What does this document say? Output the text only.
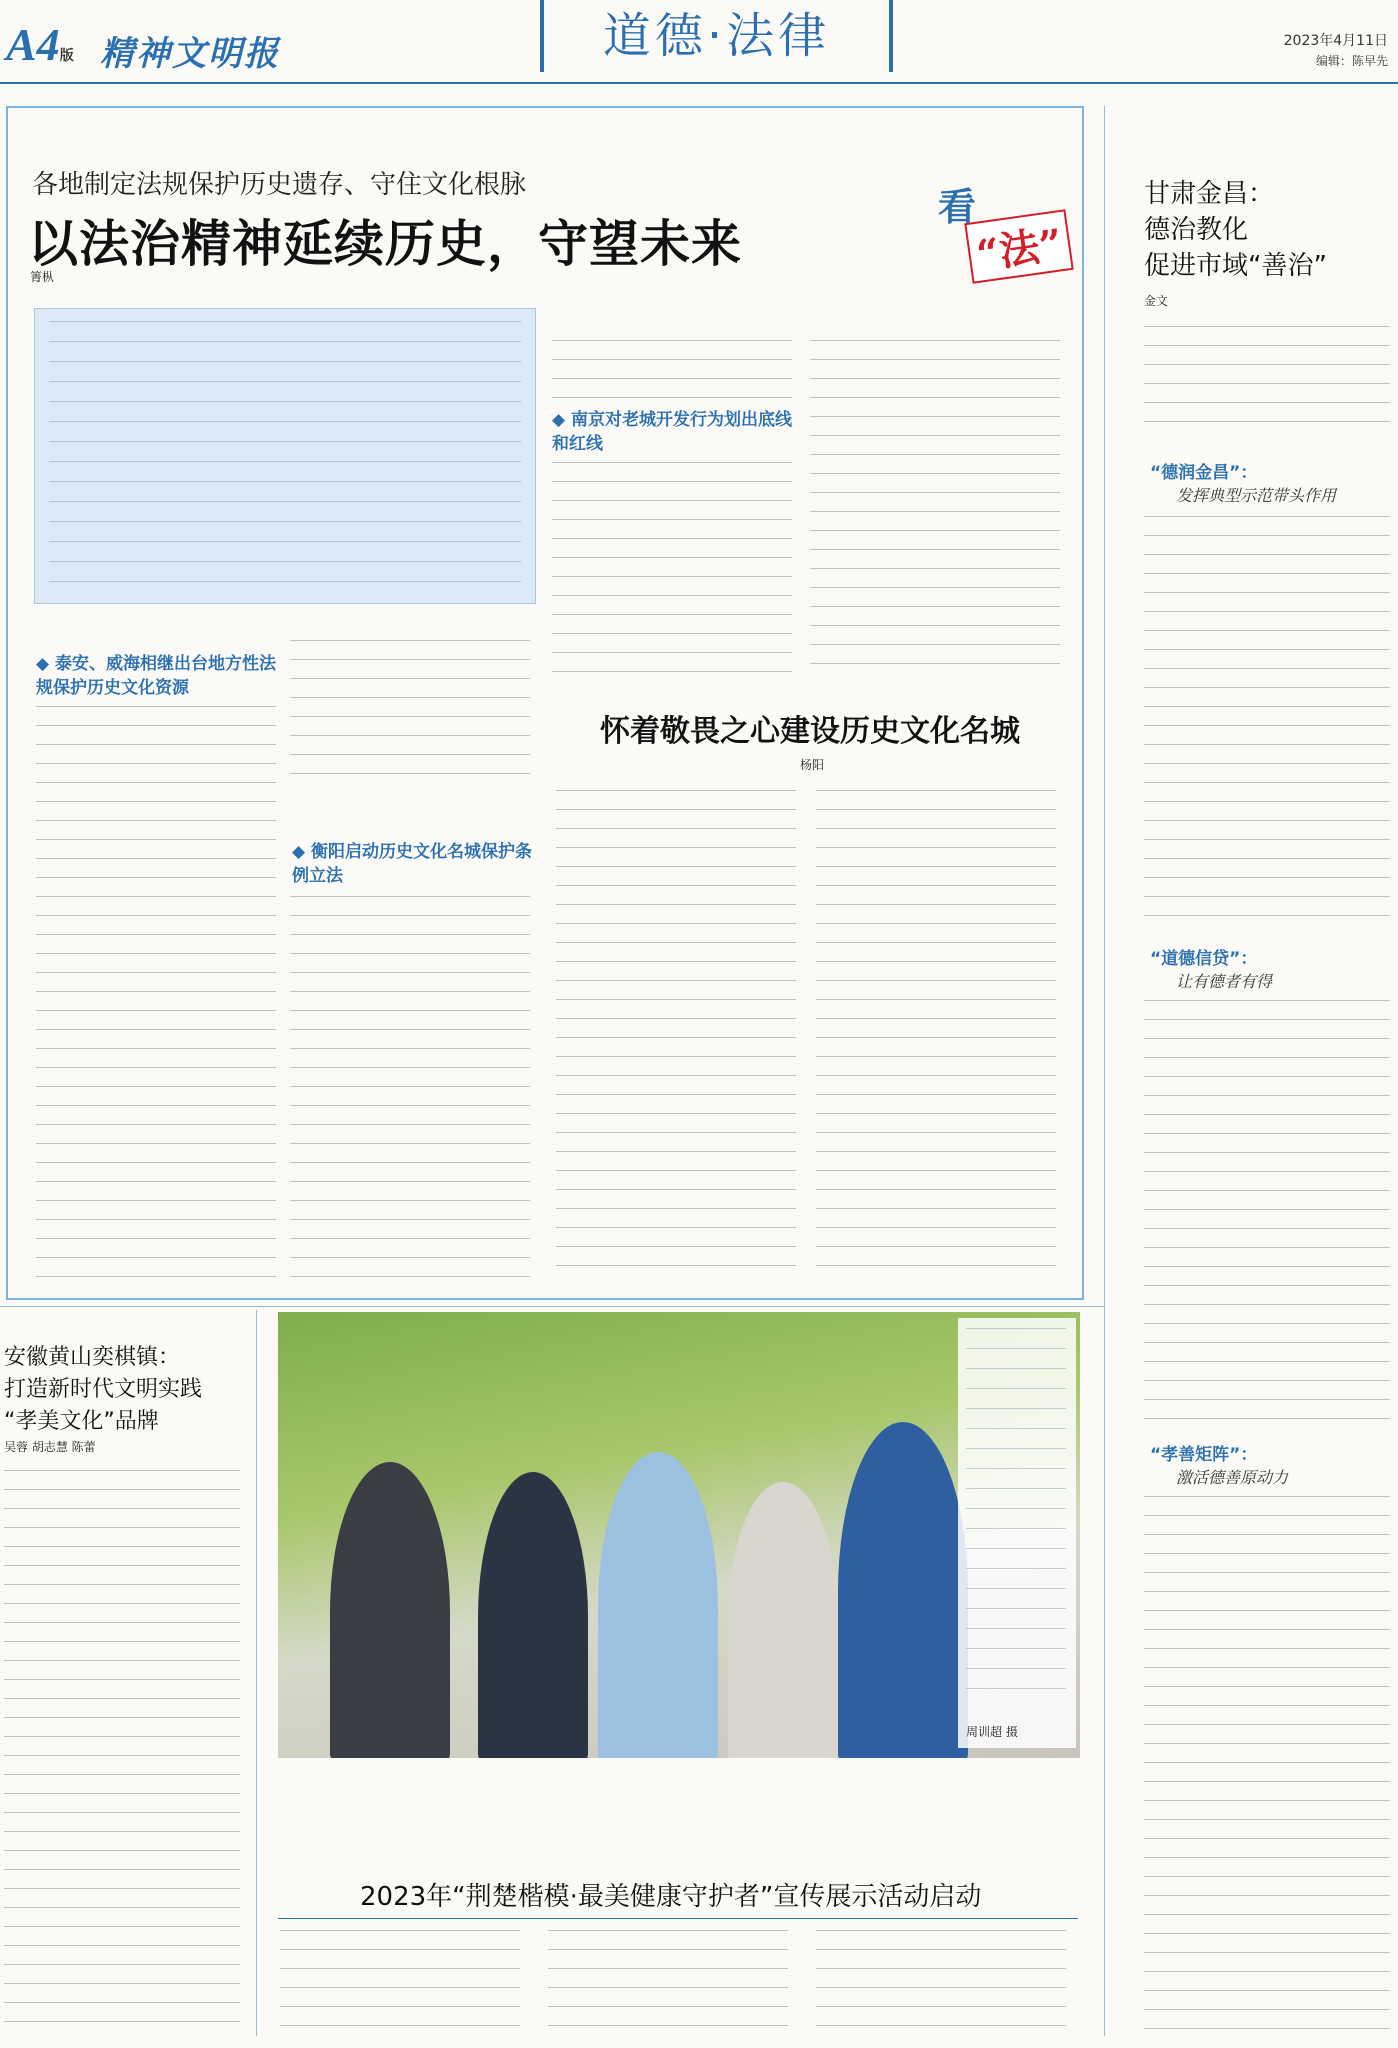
A4版 精神文明报	道德·法律	2023年4月11日
编辑：陈早先
各地制定法规保护历史遗存、守住文化根脉
以法治精神延续历史，守望未来
箐枞
看
“法”
◆ 泰安、威海相继出台地方性法规保护历史文化资源
◆ 衡阳启动历史文化名城保护条例立法
◆ 南京对老城开发行为划出底线和红线
怀着敬畏之心建设历史文化名城
杨阳
甘肃金昌：
德治教化
促进市域“善治”
金文
“德润金昌”：
发挥典型示范带头作用
“道德信贷”：
让有德者有得
“孝善矩阵”：
激活德善原动力
安徽黄山奕棋镇：
打造新时代文明实践
“孝美文化”品牌
吴蓉 胡志慧 陈蕾
周训超 摄
2023年“荆楚楷模·最美健康守护者”宣传展示活动启动
